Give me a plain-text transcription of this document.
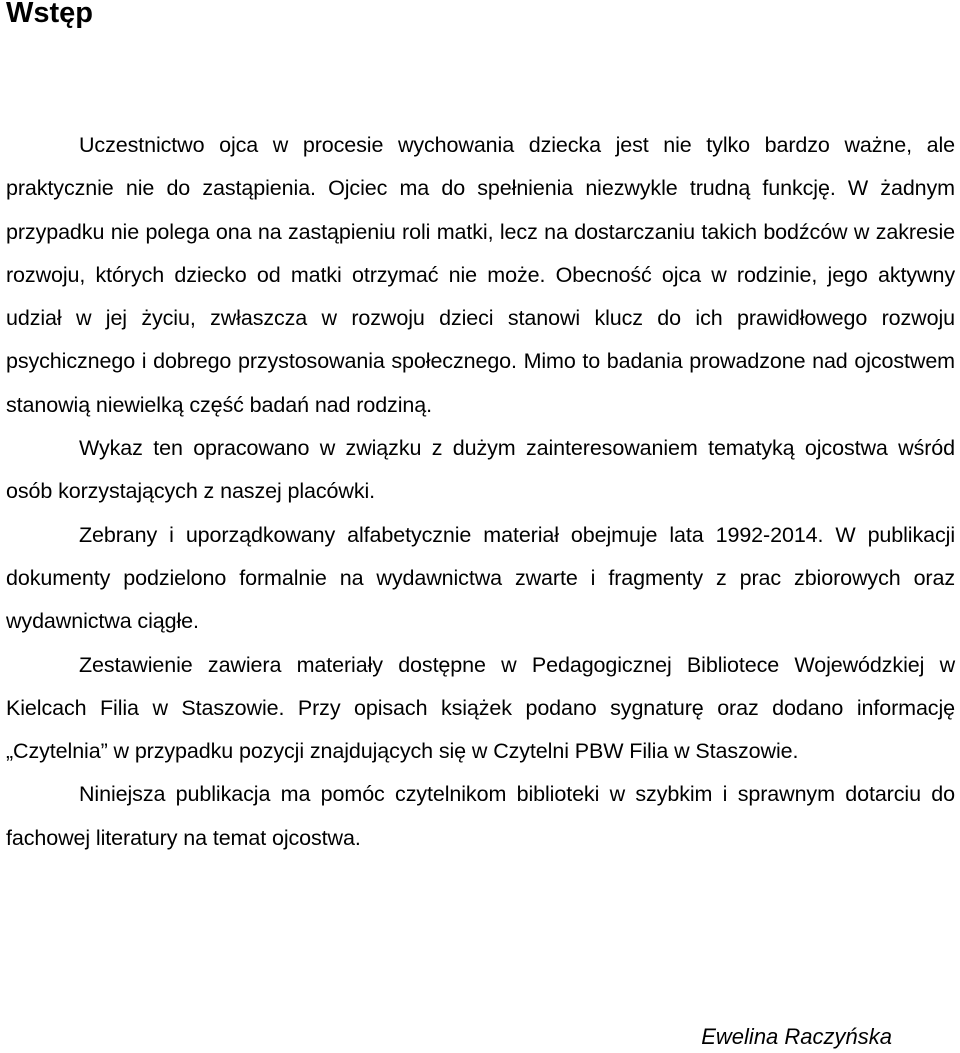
Wstęp

Uczestnictwo ojca w procesie wychowania dziecka jest nie tylko bardzo ważne, ale praktycznie nie do zastąpienia. Ojciec ma do spełnienia niezwykle trudną funkcję. W żadnym przypadku nie polega ona na zastąpieniu roli matki, lecz na dostarczaniu takich bodźców w zakresie rozwoju, których dziecko od matki otrzymać nie może. Obecność ojca w rodzinie, jego aktywny udział w jej życiu, zwłaszcza w rozwoju dzieci stanowi klucz do ich prawidłowego rozwoju psychicznego i dobrego przystosowania społecznego. Mimo to badania prowadzone nad ojcostwem stanowią niewielką część badań nad rodziną.

Wykaz ten opracowano w związku z dużym zainteresowaniem tematyką ojcostwa wśród osób korzystających z naszej placówki.

Zebrany i uporządkowany alfabetycznie materiał obejmuje lata 1992-2014. W publikacji dokumenty podzielono formalnie na wydawnictwa zwarte i fragmenty z prac zbiorowych oraz wydawnictwa ciągłe.

Zestawienie zawiera materiały dostępne w Pedagogicznej Bibliotece Wojewódzkiej w Kielcach Filia w Staszowie. Przy opisach książek podano sygnaturę oraz dodano informację „Czytelnia” w przypadku pozycji znajdujących się w Czytelni PBW Filia w Staszowie.

Niniejsza publikacja ma pomóc czytelnikom biblioteki w szybkim i sprawnym dotarciu do fachowej literatury na temat ojcostwa.

Ewelina Raczyńska
